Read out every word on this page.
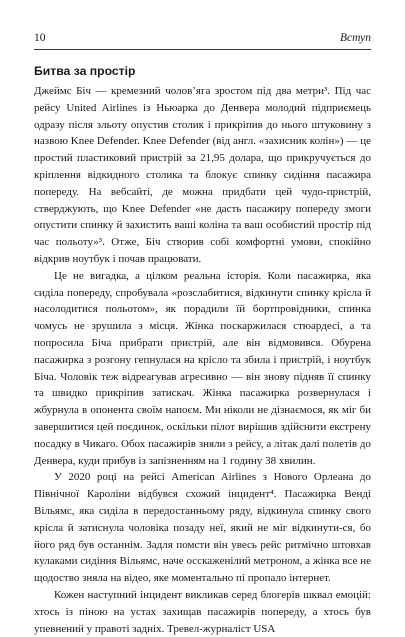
10	Вступ
Битва за простір

Джеймс Біч — кремезний чоловʼяга зростом під два метри³. Під час рейсу United Airlines із Ньюарка до Денвера молодий підприємець одразу після зльоту опустив столик і прикріпив до нього штуковину з назвою Knee Defender. Knee Defender (від англ. «захисник колін») — це простий пластиковий пристрій за 21,95 долара, що прикручується до кріплення відкидного столика та блокує спинку сидіння пасажира попереду. На вебсайті, де можна придбати цей чудо-пристрій, стверджують, що Knee Defender «не дасть пасажиру попереду змоги опустити спинку й захистить ваші коліна та ваш особистий простір під час польоту»³. Отже, Біч створив собі комфортні умови, спокійно відкрив ноутбук і почав працювати.

Це не вигадка, а цілком реальна історія. Коли пасажирка, яка сиділа попереду, спробувала «розслабитися, відкинути спинку крісла й насолодитися польотом», як порадили їй бортпровідники, спинка чомусь не зрушила з місця. Жінка поскаржилася стюардесі, а та попросила Біча прибрати пристрій, але він відмовився. Обурена пасажирка з розгону гепнулася на крісло та збила і пристрій, і ноутбук Біча. Чоловік теж відреагував агресивно — він знову підняв її спинку та швидко прикріпив затискач. Жінка пасажирка розвернулася і жбурнула в опонента своїм напоєм. Ми ніколи не дізнаємося, як міг би завершитися цей поєдинок, оскільки пілот вирішив здійснити екстрену посадку в Чикаго. Обох пасажирів зняли з рейсу, а літак далі полетів до Денвера, куди прибув із запізненням на 1 годину 38 хвилин.

У 2020 році на рейсі American Airlines з Нового Орлеана до Північної Кароліни відбувся схожий інцидент⁴. Пасажирка Венді Вільямс, яка сиділа в передостанньому ряду, відкинула спинку свого крісла й затиснула чоловіка позаду неї, який не міг відкинути-ся, бо його ряд був останнім. Задля помсти він увесь рейс ритмічно штовхав кулаками сидіння Вільямс, наче осскаженілий метроном, а жінка все не щодоство зняла на відео, яке моментально пі пропало інтернет.

Кожен наступний інцидент викликав серед блогерів шквал емоцій: хтось із піною на устах захищав пасажирів попереду, а хтось був упевнений у правоті задніх. Тревел-журналіст USA
